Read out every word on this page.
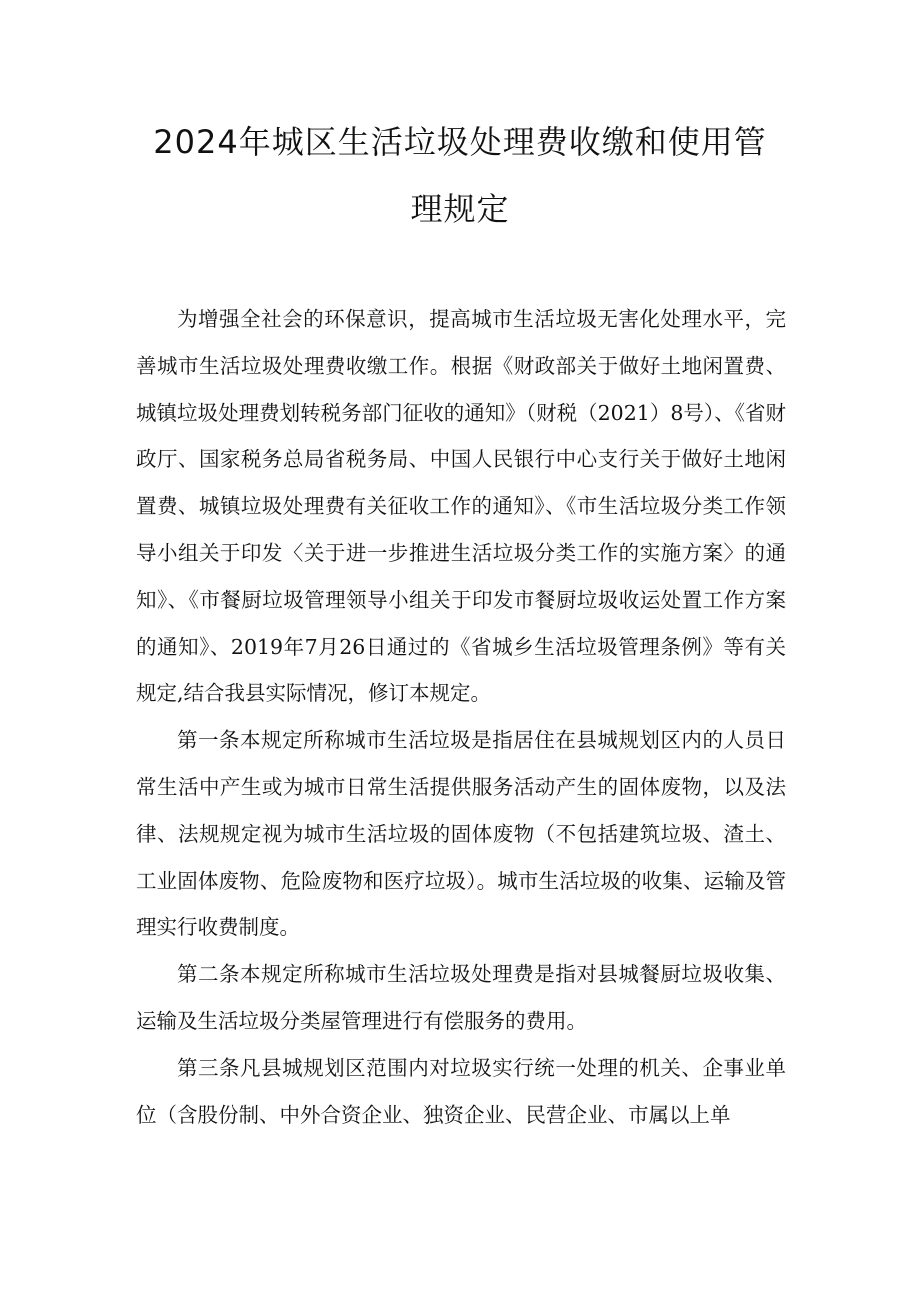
2024年城区生活垃圾处理费收缴和使用管
理规定

为增强全社会的环保意识，提高城市生活垃圾无害化处理水平，完善城市生活垃圾处理费收缴工作。根据《财政部关于做好土地闲置费、城镇垃圾处理费划转税务部门征收的通知》（财税（2021）8号）、《省财政厅、国家税务总局省税务局、中国人民银行中心支行关于做好土地闲置费、城镇垃圾处理费有关征收工作的通知》、《市生活垃圾分类工作领导小组关于印发〈关于进一步推进生活垃圾分类工作的实施方案〉的通知》、《市餐厨垃圾管理领导小组关于印发市餐厨垃圾收运处置工作方案的通知》、2019年7月26日通过的《省城乡生活垃圾管理条例》等有关规定,结合我县实际情况，修订本规定。

第一条本规定所称城市生活垃圾是指居住在县城规划区内的人员日常生活中产生或为城市日常生活提供服务活动产生的固体废物，以及法律、法规规定视为城市生活垃圾的固体废物（不包括建筑垃圾、渣土、工业固体废物、危险废物和医疗垃圾）。城市生活垃圾的收集、运输及管理实行收费制度。

第二条本规定所称城市生活垃圾处理费是指对县城餐厨垃圾收集、运输及生活垃圾分类屋管理进行有偿服务的费用。

第三条凡县城规划区范围内对垃圾实行统一处理的机关、企事业单位（含股份制、中外合资企业、独资企业、民营企业、市属以上单
